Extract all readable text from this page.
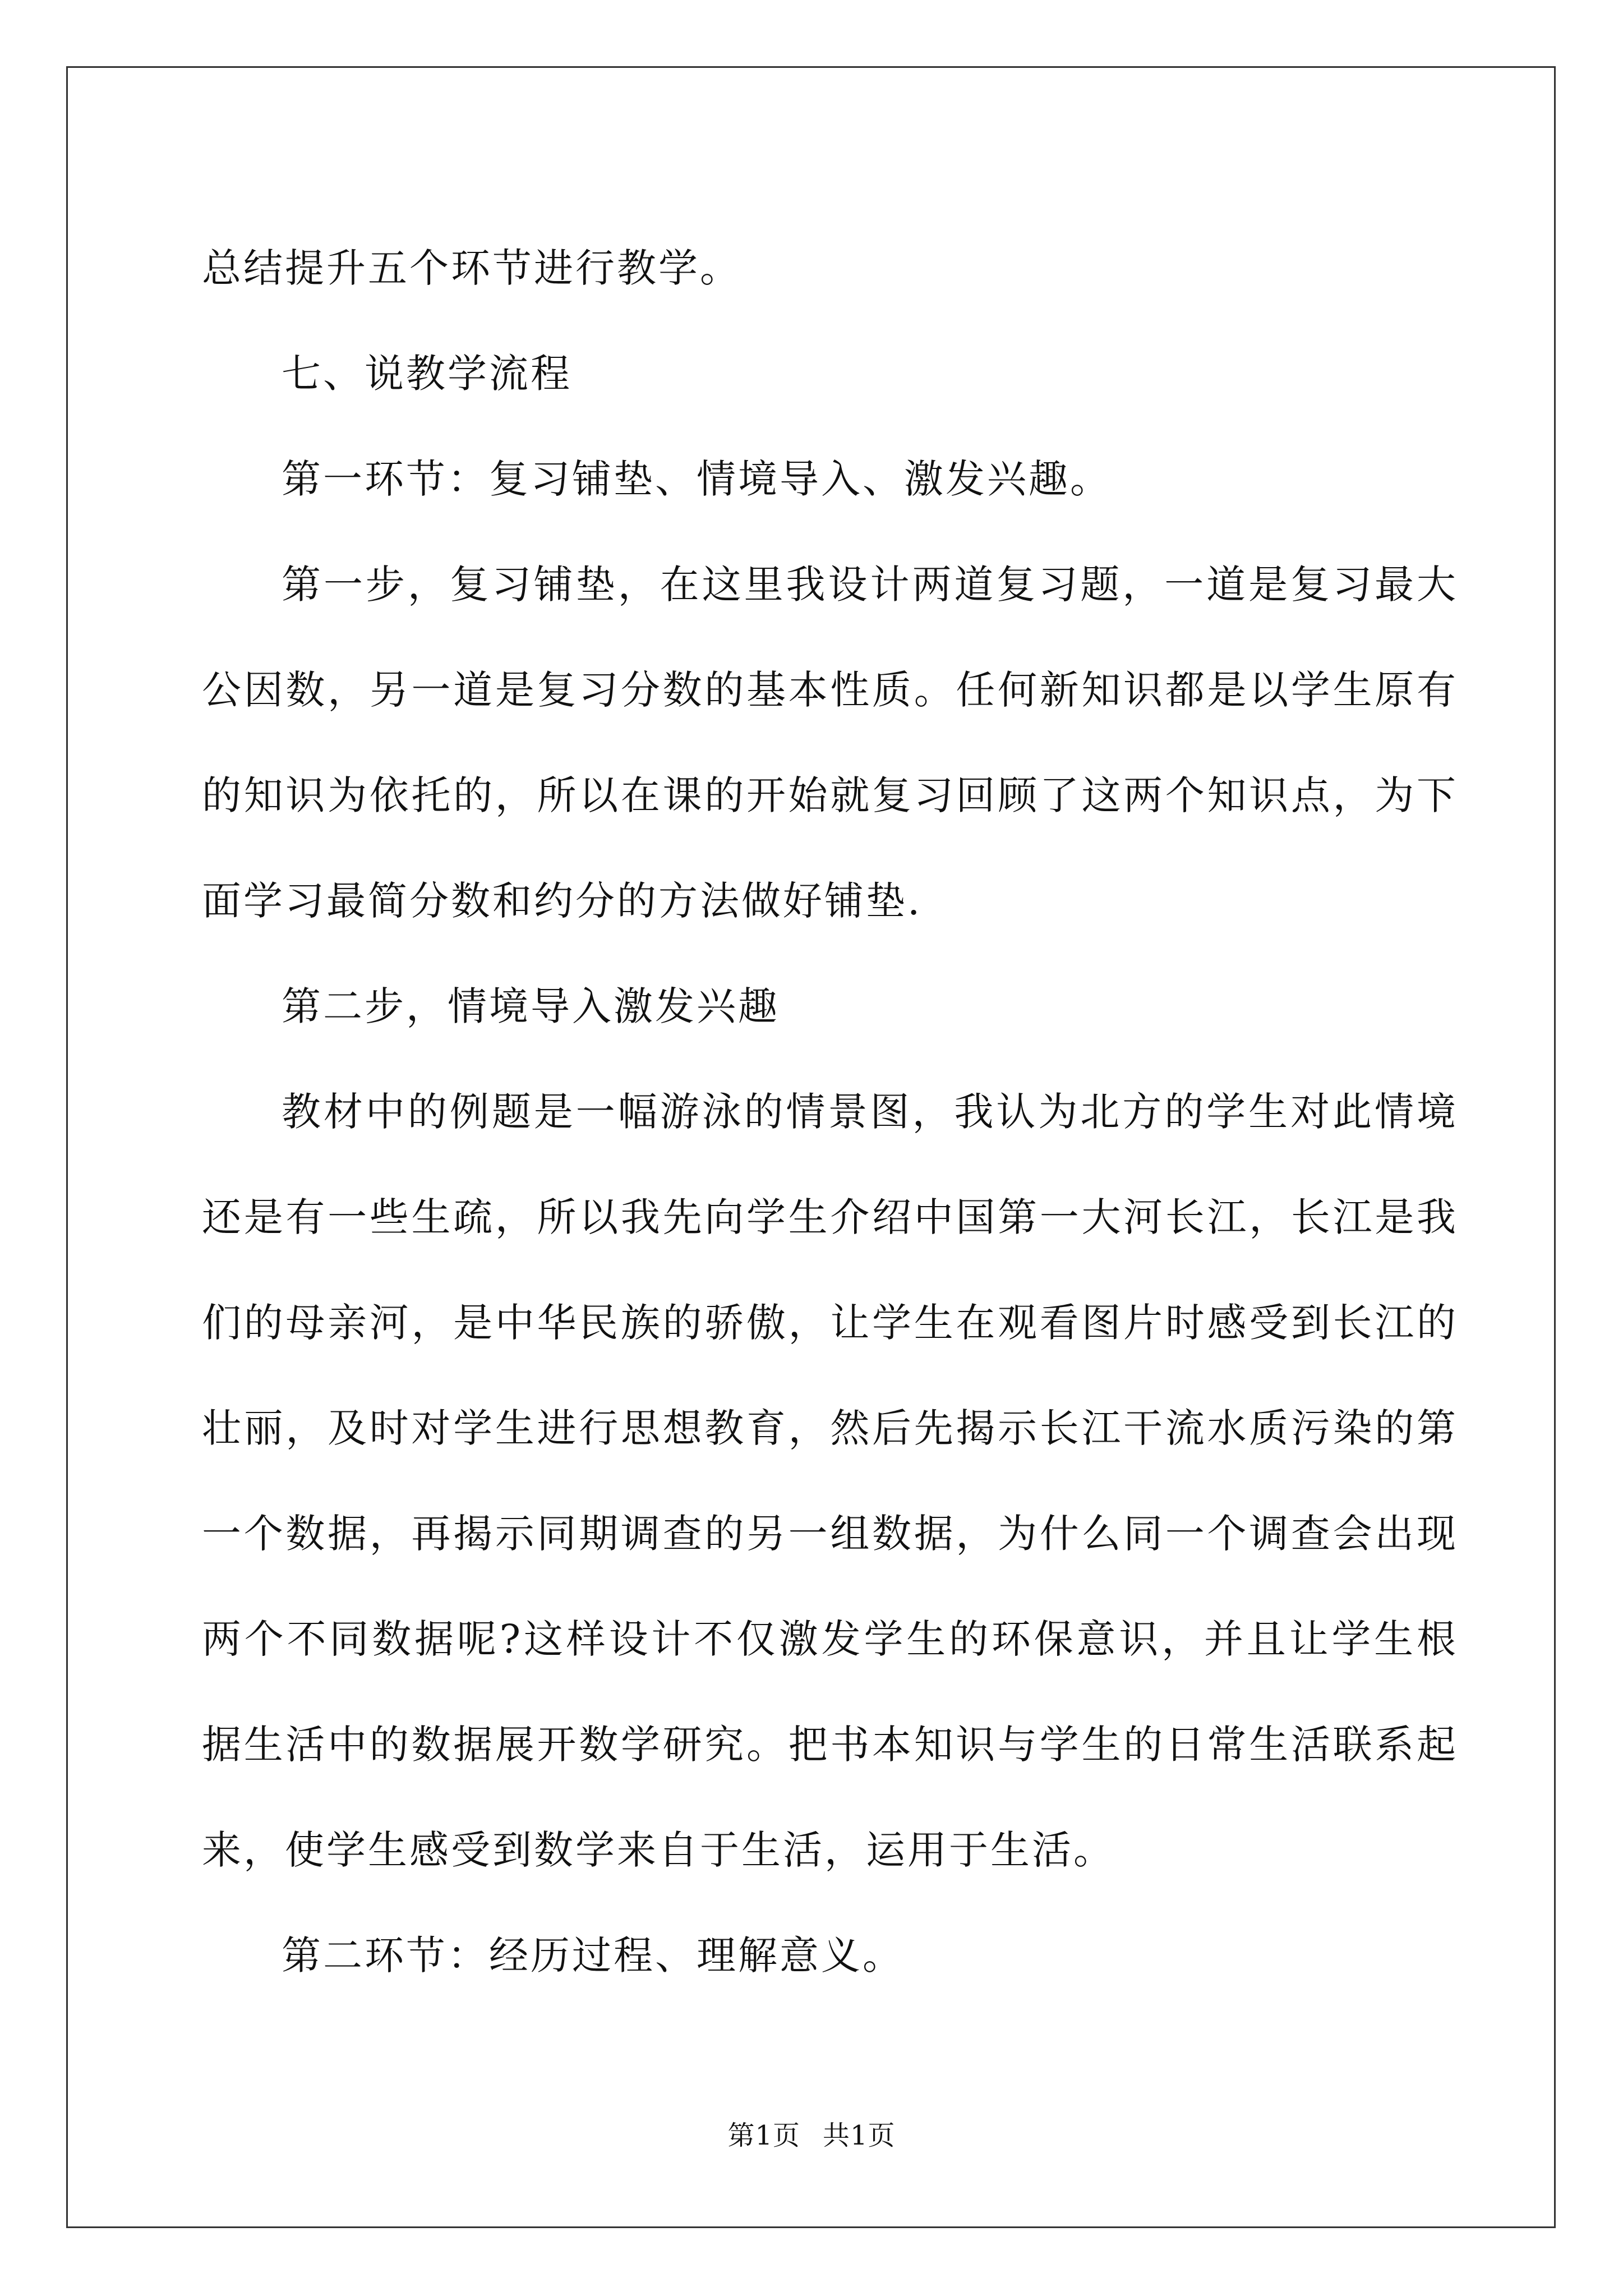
总结提升五个环节进行教学。

七、说教学流程

第一环节：复习铺垫、情境导入、激发兴趣。

第一步，复习铺垫，在这里我设计两道复习题，一道是复习最大公因数，另一道是复习分数的基本性质。任何新知识都是以学生原有的知识为依托的，所以在课的开始就复习回顾了这两个知识点，为下面学习最简分数和约分的方法做好铺垫.

第二步，情境导入激发兴趣

教材中的例题是一幅游泳的情景图，我认为北方的学生对此情境还是有一些生疏，所以我先向学生介绍中国第一大河长江，长江是我们的母亲河，是中华民族的骄傲，让学生在观看图片时感受到长江的壮丽，及时对学生进行思想教育，然后先揭示长江干流水质污染的第一个数据，再揭示同期调查的另一组数据，为什么同一个调查会出现两个不同数据呢?这样设计不仅激发学生的环保意识，并且让学生根据生活中的数据展开数学研究。把书本知识与学生的日常生活联系起来，使学生感受到数学来自于生活，运用于生活。

第二环节：经历过程、理解意义。

第1页 共1页
